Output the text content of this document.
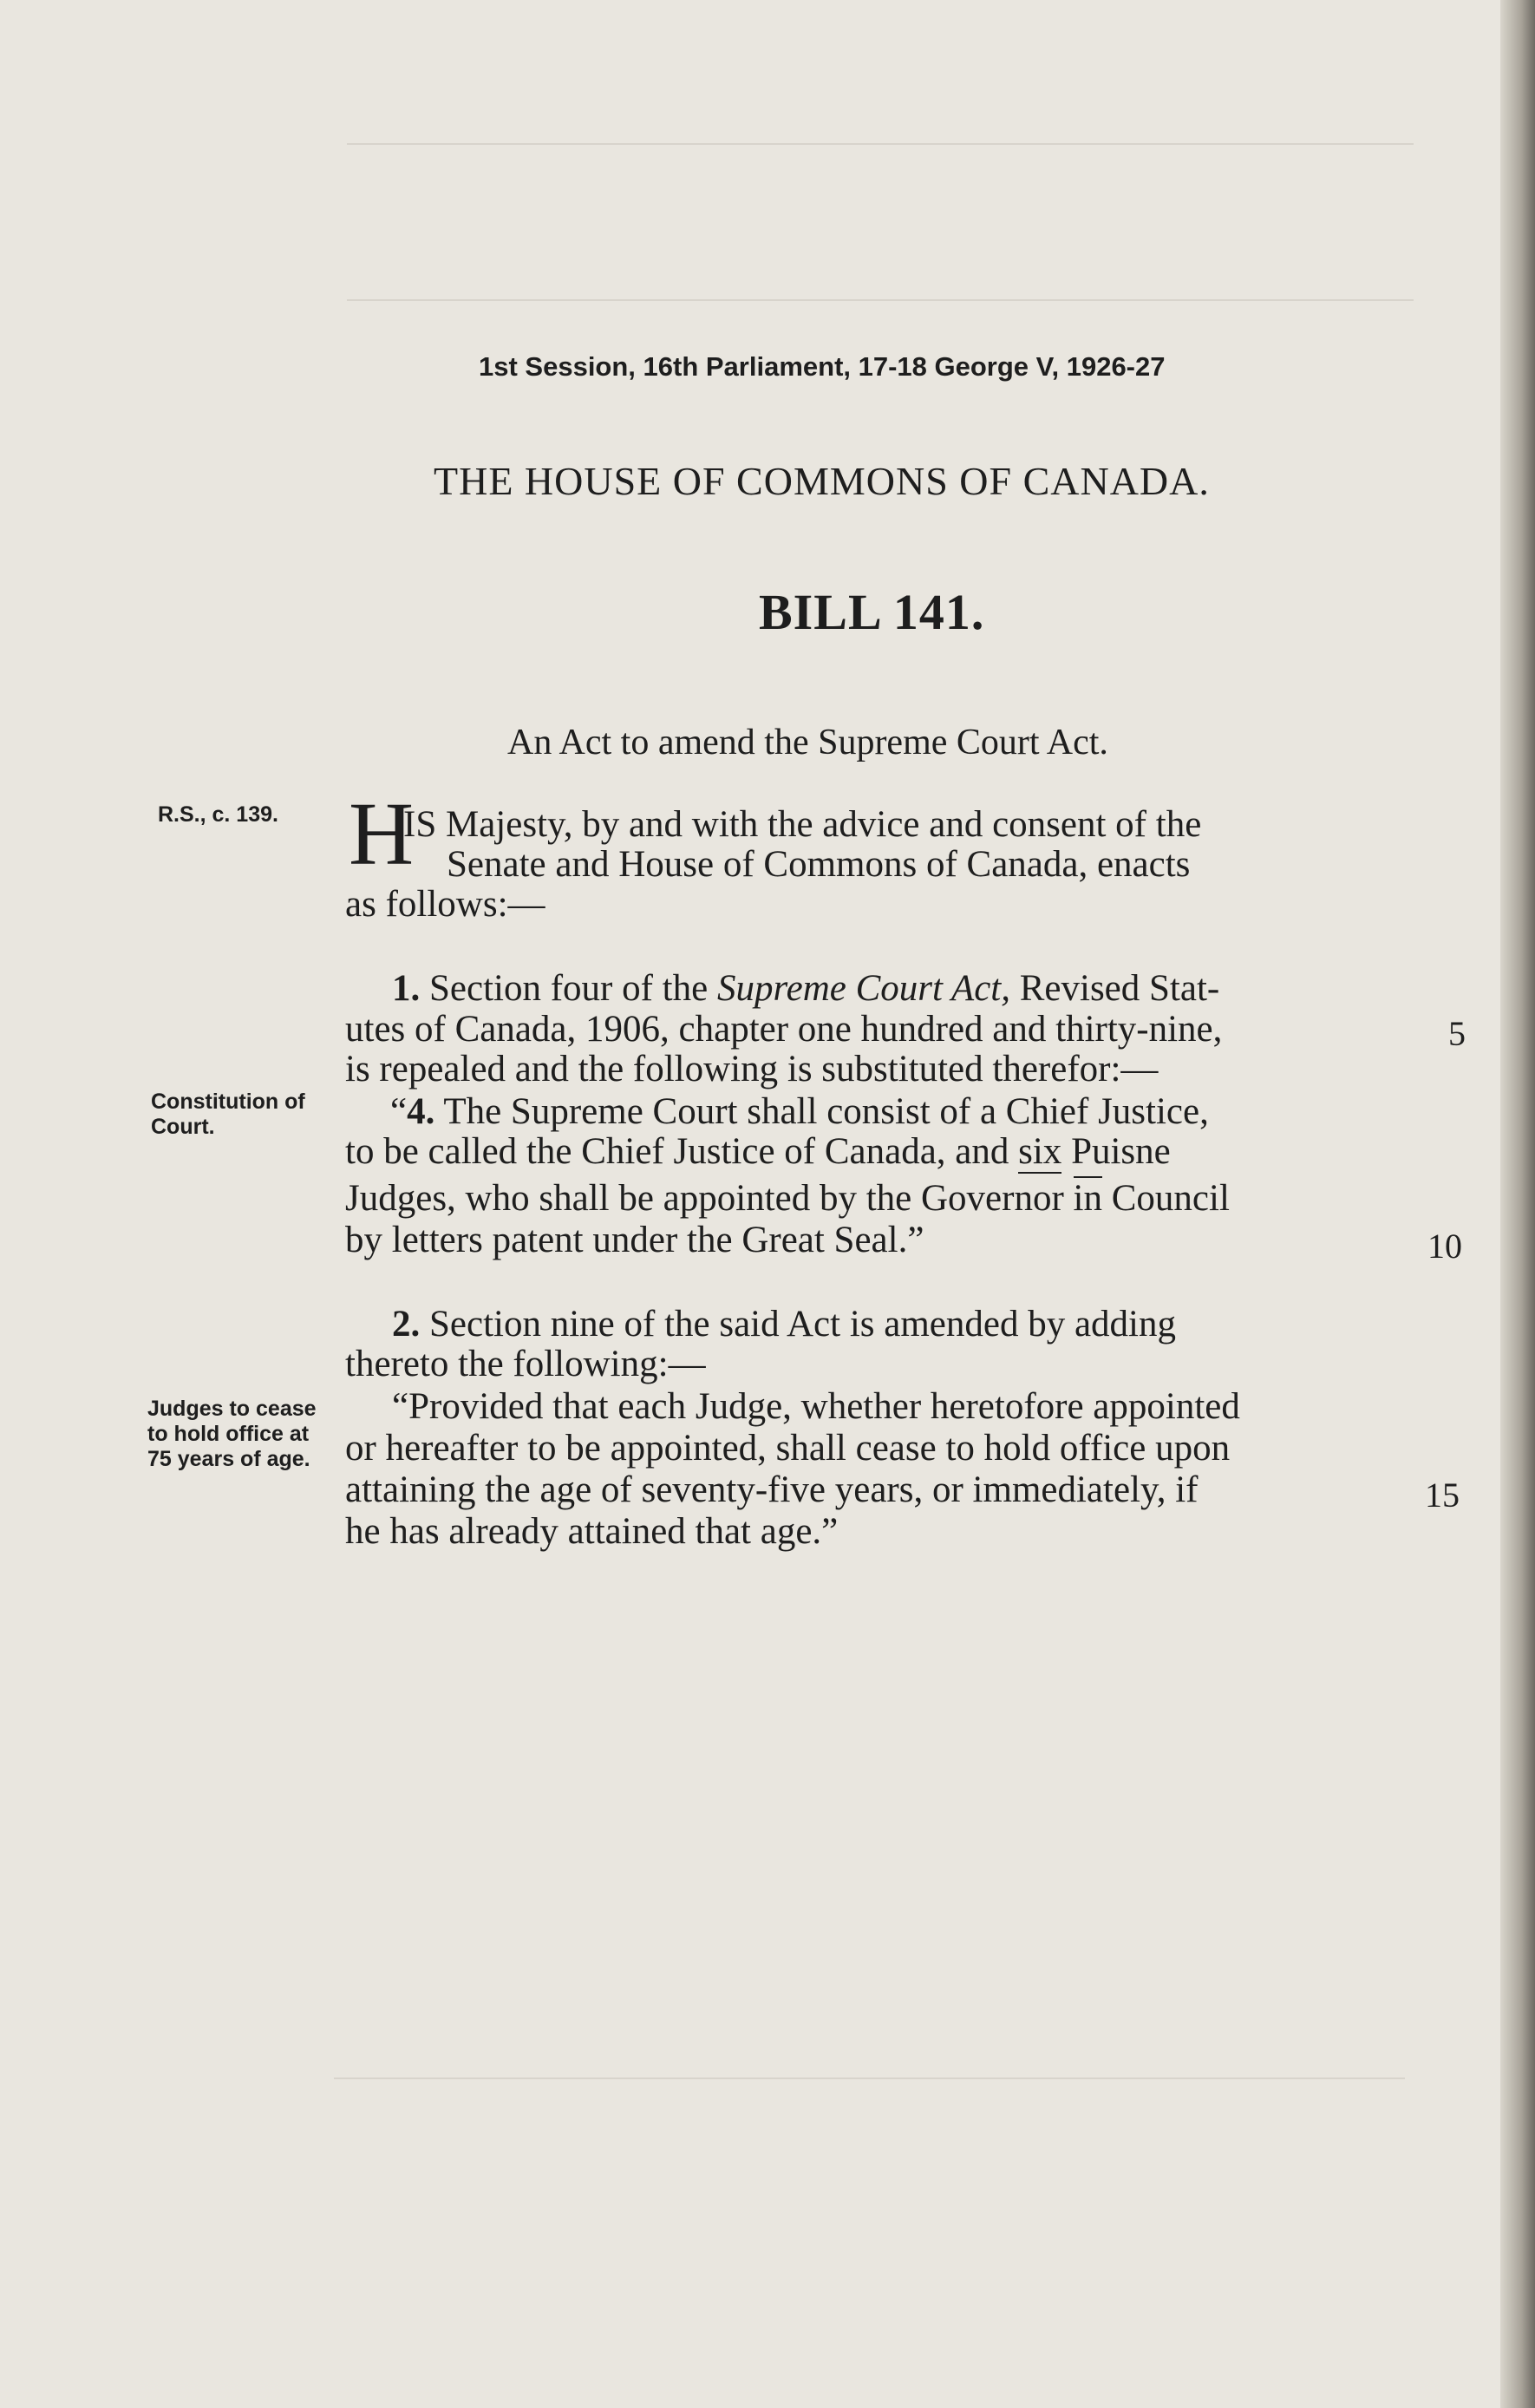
1st Session, 16th Parliament, 17-18 George V, 1926-27
THE HOUSE OF COMMONS OF CANADA.
BILL 141.
An Act to amend the Supreme Court Act.
R.S., c. 139.
Constitution of Court.
Judges to cease to hold office at 75 years of age.
H
IS Majesty, by and with the advice and consent of the
Senate and House of Commons of Canada, enacts
as follows:—
1. Section four of the Supreme Court Act, Revised Stat-
utes of Canada, 1906, chapter one hundred and thirty-nine,	5
is repealed and the following is substituted therefor:—
“4. The Supreme Court shall consist of a Chief Justice,
to be called the Chief Justice of Canada, and six Puisne
Judges, who shall be appointed by the Governor in Council
by letters patent under the Great Seal.”	10
2. Section nine of the said Act is amended by adding
thereto the following:—
“Provided that each Judge, whether heretofore appointed
or hereafter to be appointed, shall cease to hold office upon
attaining the age of seventy-five years, or immediately, if	15
he has already attained that age.”
